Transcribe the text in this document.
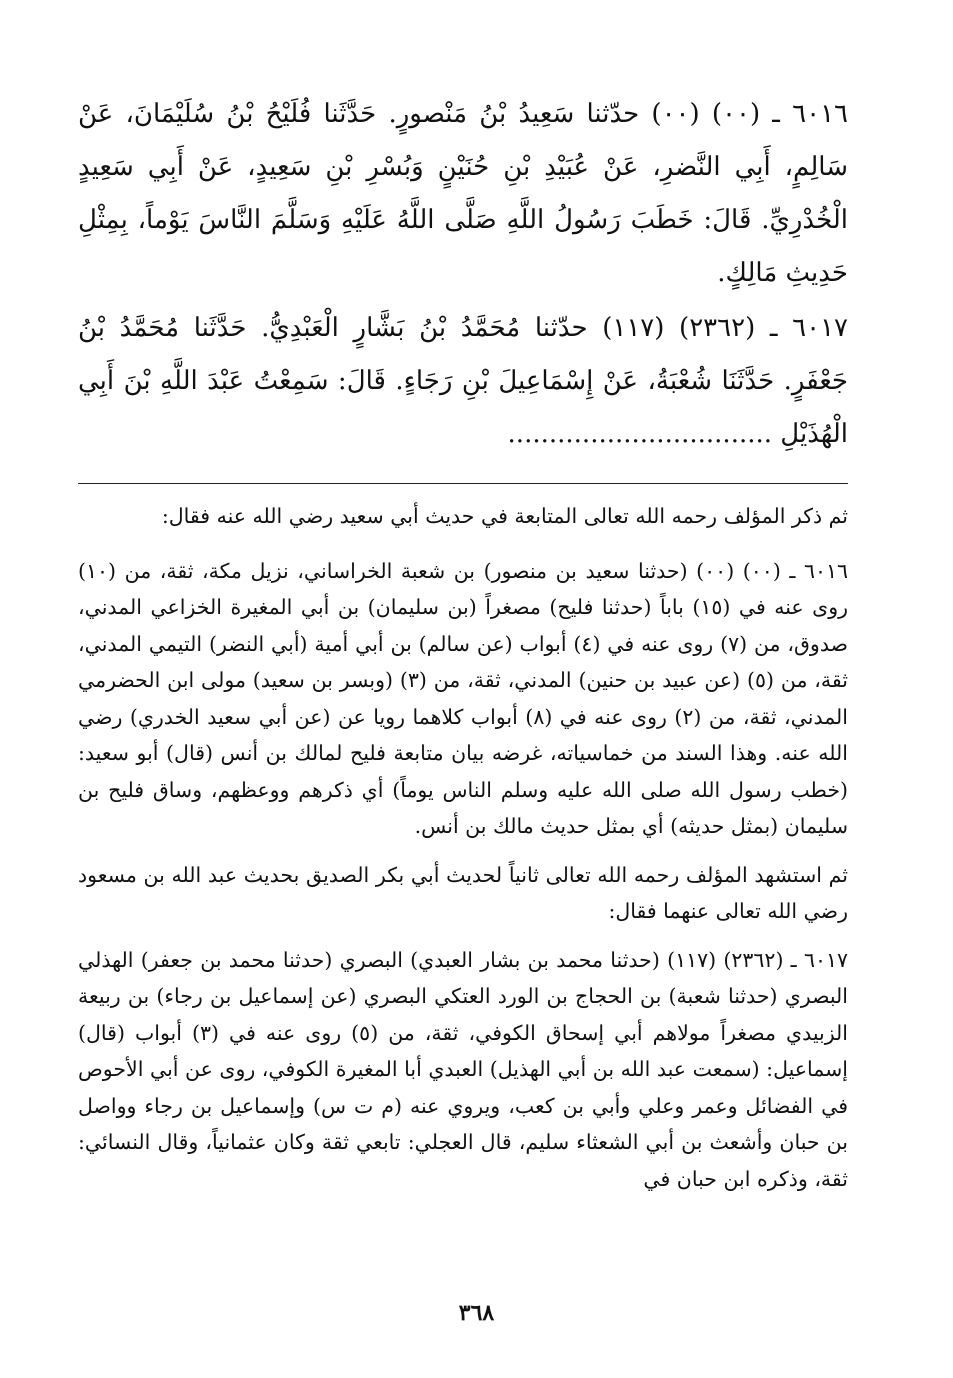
٦٠١٦ ـ (٠٠) (٠٠) حدّثنا سَعِيدُ بْنُ مَنْصورٍ. حَدَّثَنا فُلَيْحُ بْنُ سُلَيْمَانَ، عَنْ سَالِمٍ، أَبِي النَّضرِ، عَنْ عُبَيْدِ بْنِ حُنَيْنٍ وَبُسْرِ بْنِ سَعِيدٍ، عَنْ أَبِي سَعِيدٍ الْخُدْرِيِّ. قَالَ: خَطَبَ رَسُولُ اللَّهِ صَلَّى اللَّهُ عَلَيْهِ وَسَلَّمَ النَّاسَ يَوْماً، بِمِثْلِ حَدِيثِ مَالِكٍ.

٦٠١٧ ـ (٢٣٦٢) (١١٧) حدّثنا مُحَمَّدُ بْنُ بَشَّارٍ الْعَبْدِيُّ. حَدَّثَنا مُحَمَّدُ بْنُ جَعْفَرٍ. حَدَّثَنَا شُعْبَةُ، عَنْ إِسْمَاعِيلَ بْنِ رَجَاءٍ. قَالَ: سَمِعْتُ عَبْدَ اللَّهِ بْنَ أَبِي الْهُذَيْلِ ................................

ثم ذكر المؤلف رحمه الله تعالى المتابعة في حديث أبي سعيد رضي الله عنه فقال:

٦٠١٦ ـ (٠٠) (٠٠) (حدثنا سعيد بن منصور) بن شعبة الخراساني، نزيل مكة، ثقة، من (١٠) روى عنه في (١٥) باباً (حدثنا فليح) مصغراً (بن سليمان) بن أبي المغيرة الخزاعي المدني، صدوق، من (٧) روى عنه في (٤) أبواب (عن سالم) بن أبي أمية (أبي النضر) التيمي المدني، ثقة، من (٥) (عن عبيد بن حنين) المدني، ثقة، من (٣) (وبسر بن سعيد) مولى ابن الحضرمي المدني، ثقة، من (٢) روى عنه في (٨) أبواب كلاهما رويا عن (عن أبي سعيد الخدري) رضي الله عنه. وهذا السند من خماسياته، غرضه بيان متابعة فليح لمالك بن أنس (قال) أبو سعيد: (خطب رسول الله صلى الله عليه وسلم الناس يوماً) أي ذكرهم ووعظهم، وساق فليح بن سليمان (بمثل حديثه) أي بمثل حديث مالك بن أنس.

ثم استشهد المؤلف رحمه الله تعالى ثانياً لحديث أبي بكر الصديق بحديث عبد الله بن مسعود رضي الله تعالى عنهما فقال:

٦٠١٧ ـ (٢٣٦٢) (١١٧) (حدثنا محمد بن بشار العبدي) البصري (حدثنا محمد بن جعفر) الهذلي البصري (حدثنا شعبة) بن الحجاج بن الورد العتكي البصري (عن إسماعيل بن رجاء) بن ربيعة الزبيدي مصغراً مولاهم أبي إسحاق الكوفي، ثقة، من (٥) روى عنه في (٣) أبواب (قال) إسماعيل: (سمعت عبد الله بن أبي الهذيل) العبدي أبا المغيرة الكوفي، روى عن أبي الأحوص في الفضائل وعمر وعلي وأبي بن كعب، ويروي عنه (م ت س) وإسماعيل بن رجاء وواصل بن حبان وأشعث بن أبي الشعثاء سليم، قال العجلي: تابعي ثقة وكان عثمانياً، وقال النسائي: ثقة، وذكره ابن حبان في

٣٦٨
